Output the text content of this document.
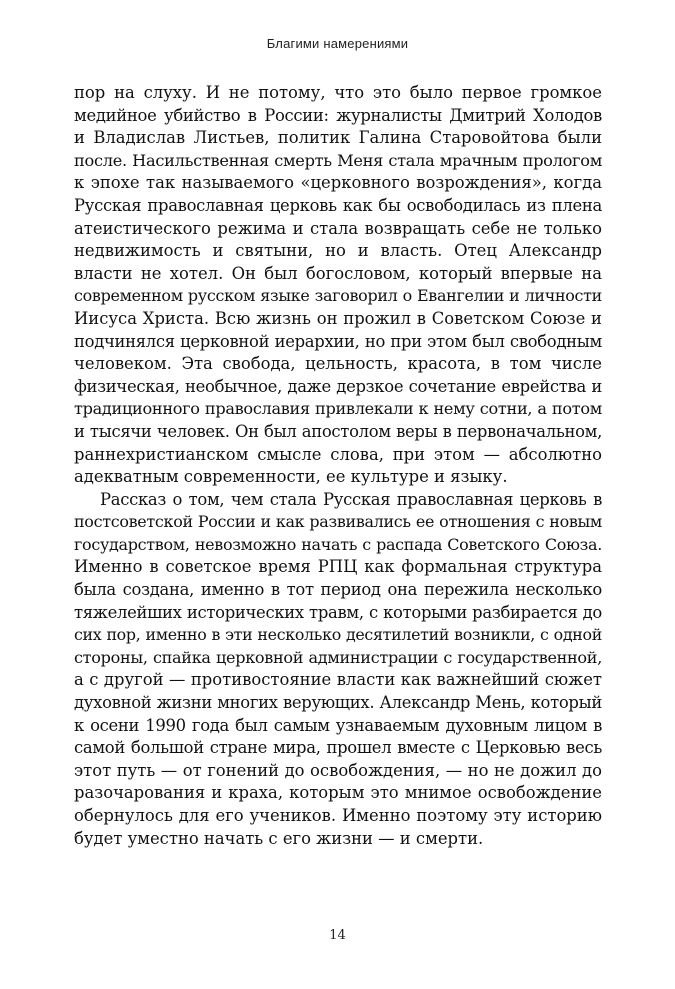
Благими намерениями
пор на слуху. И не потому, что это было первое громкое
медийное убийство в России: журналисты Дмитрий Холодов
и Владислав Листьев, политик Галина Старовойтова были
после. Насильственная смерть Меня стала мрачным прологом
к эпохе так называемого «церковного возрождения», когда
Русская православная церковь как бы освободилась из плена
атеистического режима и стала возвращать себе не только
недвижимость и святыни, но и власть. Отец Александр
власти не хотел. Он был богословом, который впервые на
современном русском языке заговорил о Евангелии и личности
Иисуса Христа. Всю жизнь он прожил в Советском Союзе и
подчинялся церковной иерархии, но при этом был свободным
человеком. Эта свобода, цельность, красота, в том числе
физическая, необычное, даже дерзкое сочетание еврейства и
традиционного православия привлекали к нему сотни, а потом
и тысячи человек. Он был апостолом веры в первоначальном,
раннехристианском смысле слова, при этом — абсолютно
адекватным современности, ее культуре и языку.
Рассказ о том, чем стала Русская православная церковь в
постсоветской России и как развивались ее отношения с новым
государством, невозможно начать с распада Советского Союза.
Именно в советское время РПЦ как формальная структура
была создана, именно в тот период она пережила несколько
тяжелейших исторических травм, с которыми разбирается до
сих пор, именно в эти несколько десятилетий возникли, с одной
стороны, спайка церковной администрации с государственной,
а с другой — противостояние власти как важнейший сюжет
духовной жизни многих верующих. Александр Мень, который
к осени 1990 года был самым узнаваемым духовным лицом в
самой большой стране мира, прошел вместе с Церковью весь
этот путь — от гонений до освобождения, — но не дожил до
разочарования и краха, которым это мнимое освобождение
обернулось для его учеников. Именно поэтому эту историю
будет уместно начать с его жизни — и смерти.
14
